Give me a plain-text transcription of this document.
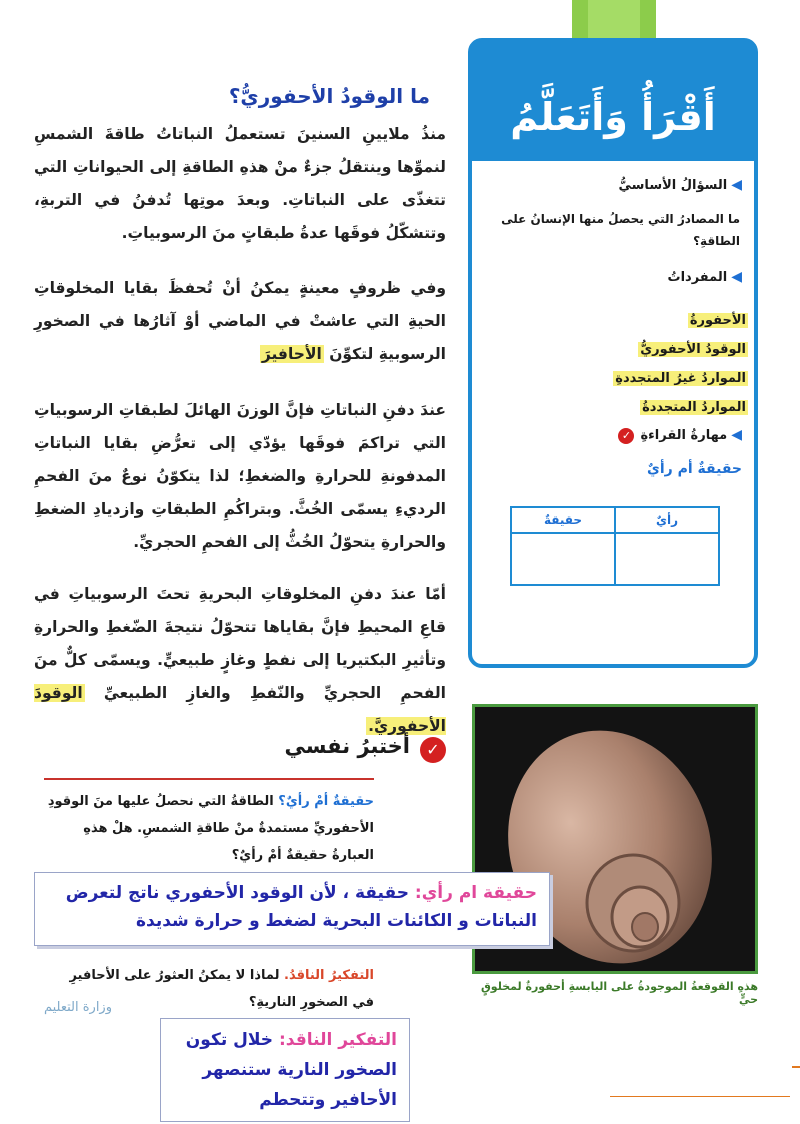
أَقْرَأُ وَأَتَعَلَّمُ
◀السؤالُ الأساسيُّ
ما المصادرُ التي يحصلُ منها الإنسانُ على الطاقةِ؟
◀المفرداتُ
الأحفورةُ
الوقودُ الأحفوريُّ
المواردُ غيرُ المتجددةِ
المواردُ المتجددةُ
◀مهارةُ القراءةِ✓
حقيقةٌ أم رأيٌ
حقيقةٌ	رأيٌ

ما الوقودُ الأحفوريُّ؟
منذُ ملايينِ السنينَ تستعملُ النباتاتُ طاقةَ الشمسِ لنموِّها وينتقلُ جزءٌ منْ هذهِ الطاقةِ إلى الحيواناتِ التي تتغذّى على النباتاتِ. وبعدَ موتِها تُدفنُ في التربةِ، وتتشكّلُ فوقَها عدةُ طبقاتٍ منَ الرسوبياتِ.
وفي ظروفٍ معينةٍ يمكنُ أنْ تُحفظَ بقايا المخلوقاتِ الحيةِ التي عاشتْ في الماضي أوْ آثارُها في الصخورِ الرسوبيةِ لتكوِّنَ الأحافيرَ
عندَ دفنِ النباتاتِ فإنَّ الوزنَ الهائلَ لطبقاتِ الرسوبياتِ التي تراكمَ فوقَها يؤدّي إلى تعرُّضِ بقايا النباتاتِ المدفونةِ للحرارةِ والضغطِ؛ لذا يتكوّنُ نوعٌ منَ الفحمِ الرديءِ يسمّى الخُثَّ. وبتراكُمِ الطبقاتِ وازديادِ الضغطِ والحرارةِ يتحوّلُ الخُثُّ إلى الفحمِ الحجريِّ.
أمّا عندَ دفنِ المخلوقاتِ البحريةِ تحتَ الرسوبياتِ في قاعِ المحيطِ فإنَّ بقاياها تتحوّلُ نتيجةَ الضّغطِ والحرارةِ وتأثيرِ البكتيريا إلى نفطٍ وغازٍ طبيعيٍّ. ويسمّى كلٌّ منَ الفحمِ الحجريِّ والنّفطِ والغازِ الطبيعيِّ الوقودَ الأحفوريَّ.
هذهِ القوقعةُ الموجودةُ على اليابسةِ أحفورةٌ لمخلوقٍ حيٍّ
✓
أختبرُ نفسي
حقيقةٌ أمْ رأيٌ؟ الطاقةُ التي نحصلُ عليها منَ الوقودِ الأحفوريِّ مستمدةٌ منْ طاقةِ الشمسِ. هلْ هذهِ العبارةُ حقيقةٌ أمْ رأيٌ؟
التفكيرُ الناقدُ. لماذا لا يمكنُ العثورُ على الأحافيرِ في الصخورِ الناريةِ؟
حقيقة ام رأي: حقيقة ، لأن الوقود الأحفوري ناتج لتعرض النباتات و الكائنات البحرية لضغط و حرارة شديدة
التفكير الناقد: خلال تكون الصخور النارية ستنصهر الأحافير وتتحطم
وزارة التعليم
